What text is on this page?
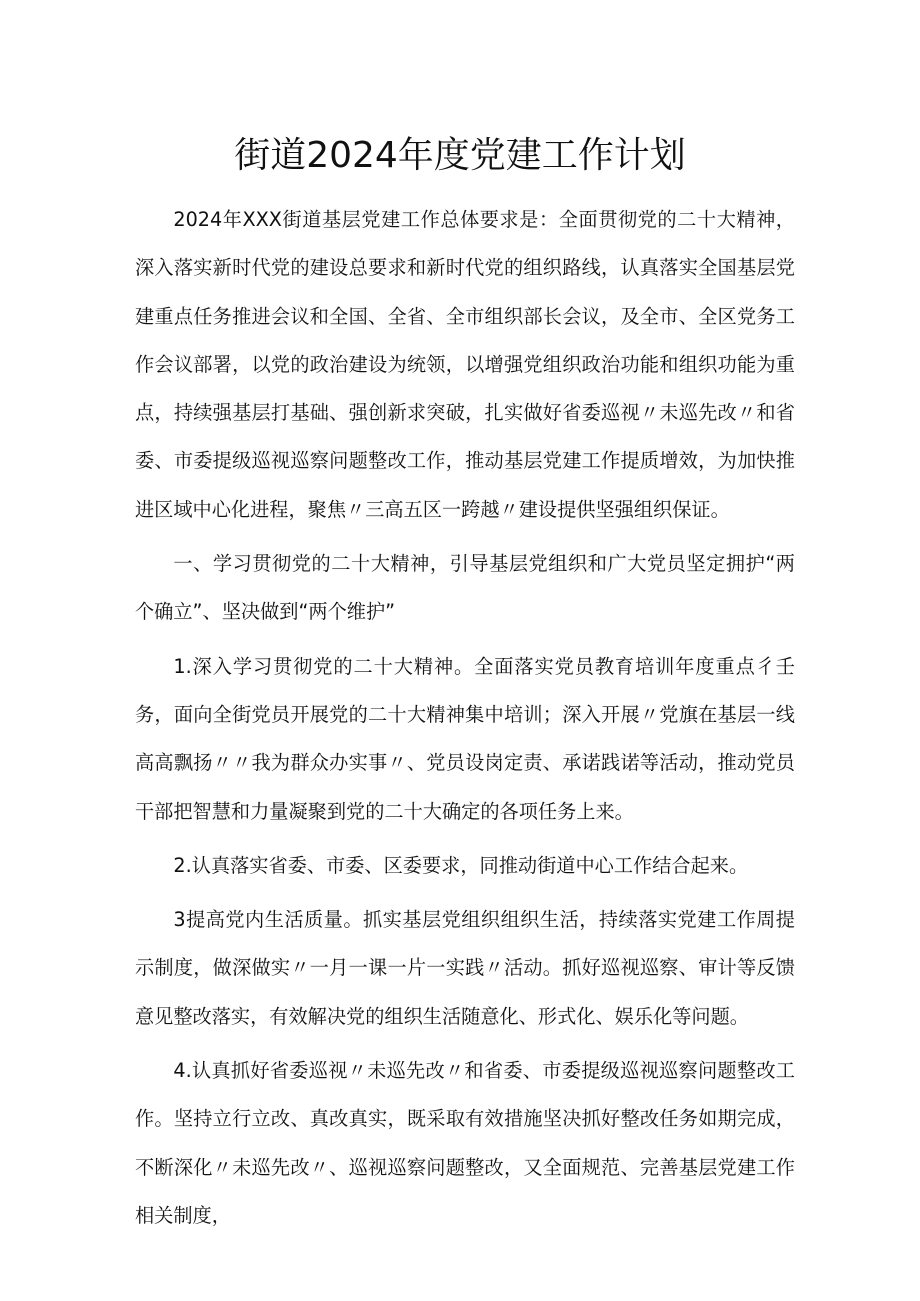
街道2024年度党建工作计划

2024年XXX街道基层党建工作总体要求是：全面贯彻党的二十大精神，深入落实新时代党的建设总要求和新时代党的组织路线，认真落实全国基层党建重点任务推进会议和全国、全省、全市组织部长会议，及全市、全区党务工作会议部署，以党的政治建设为统领，以增强党组织政治功能和组织功能为重点，持续强基层打基础、强创新求突破，扎实做好省委巡视〃未巡先改〃和省委、市委提级巡视巡察问题整改工作，推动基层党建工作提质增效，为加快推进区域中心化进程，聚焦〃三高五区一跨越〃建设提供坚强组织保证。

一、学习贯彻党的二十大精神，引导基层党组织和广大党员坚定拥护“两个确立”、坚决做到“两个维护”

1.深入学习贯彻党的二十大精神。全面落实党员教育培训年度重点彳壬务，面向全街党员开展党的二十大精神集中培训；深入开展〃党旗在基层一线高高飘扬〃〃我为群众办实事〃、党员设岗定责、承诺践诺等活动，推动党员干部把智慧和力量凝聚到党的二十大确定的各项任务上来。

2.认真落实省委、市委、区委要求，同推动街道中心工作结合起来。

3提高党内生活质量。抓实基层党组织组织生活，持续落实党建工作周提示制度，做深做实〃一月一课一片一实践〃活动。抓好巡视巡察、审计等反馈意见整改落实，有效解决党的组织生活随意化、形式化、娱乐化等问题。

4.认真抓好省委巡视〃未巡先改〃和省委、市委提级巡视巡察问题整改工作。坚持立行立改、真改真实，既采取有效措施坚决抓好整改任务如期完成，不断深化〃未巡先改〃、巡视巡察问题整改，又全面规范、完善基层党建工作相关制度，
